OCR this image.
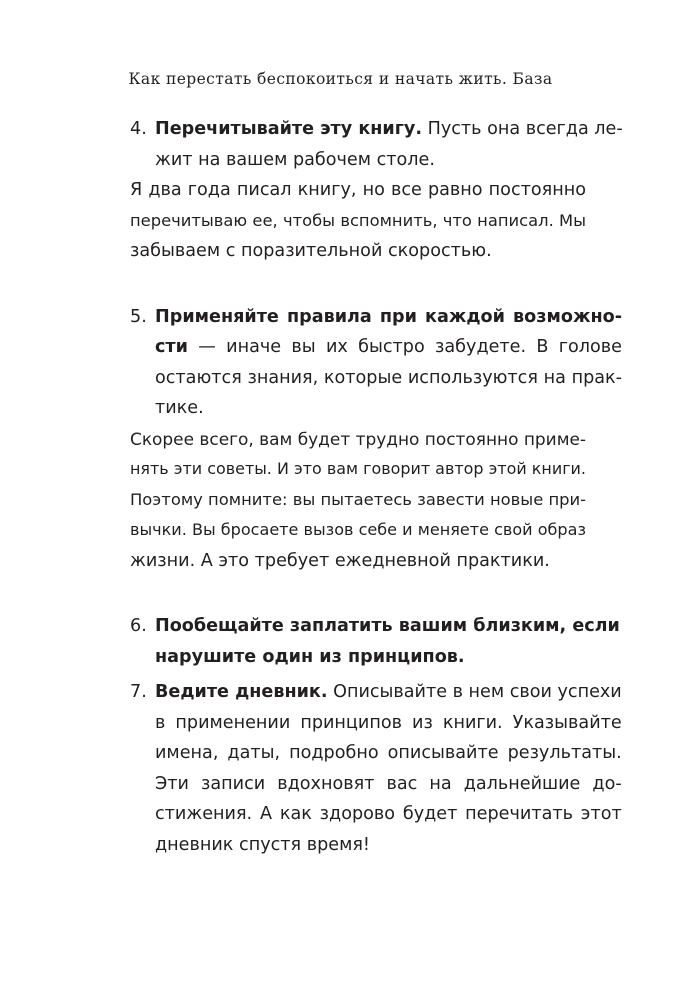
Как перестать беспокоиться и начать жить. База
4. Перечитывайте эту книгу. Пусть она всегда ле-
жит на вашем рабочем столе.
Я два года писал книгу, но все равно постоянно
перечитываю ее, чтобы вспомнить, что написал. Мы
забываем с поразительной скоростью.
5. Применяйте правила при каждой возможно-
сти — иначе вы их быстро забудете. В голове
остаются знания, которые используются на прак-
тике.
Скорее всего, вам будет трудно постоянно приме-
нять эти советы. И это вам говорит автор этой книги.
Поэтому помните: вы пытаетесь завести новые при-
вычки. Вы бросаете вызов себе и меняете свой образ
жизни. А это требует ежедневной практики.
6. Пообещайте заплатить вашим близким, если
нарушите один из принципов.
7. Ведите дневник. Описывайте в нем свои успехи
в применении принципов из книги. Указывайте
имена, даты, подробно описывайте результаты.
Эти записи вдохновят вас на дальнейшие до-
стижения. А как здорово будет перечитать этот
дневник спустя время!
